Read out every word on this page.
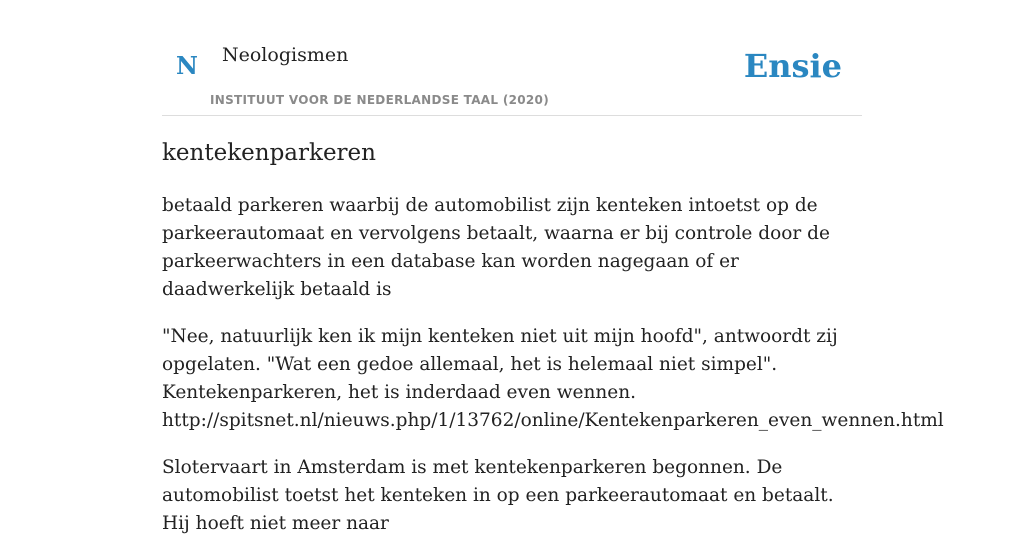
N Neologismen
INSTITUUT VOOR DE NEDERLANDSE TAAL (2020)
Ensie
kentekenparkeren

betaald parkeren waarbij de automobilist zijn kenteken intoetst op de parkeerautomaat en vervolgens betaalt, waarna er bij controle door de parkeerwachters in een database kan worden nagegaan of er daadwerkelijk betaald is

"Nee, natuurlijk ken ik mijn kenteken niet uit mijn hoofd", antwoordt zij opgelaten. "Wat een gedoe allemaal, het is helemaal niet simpel". Kentekenparkeren, het is inderdaad even wennen.
http://spitsnet.nl/nieuws.php/1/13762/online/Kentekenparkeren_even_wennen.html

Slotervaart in Amsterdam is met kentekenparkeren begonnen. De automobilist toetst het kenteken in op een parkeerautomaat en betaalt. Hij hoeft niet meer naar
